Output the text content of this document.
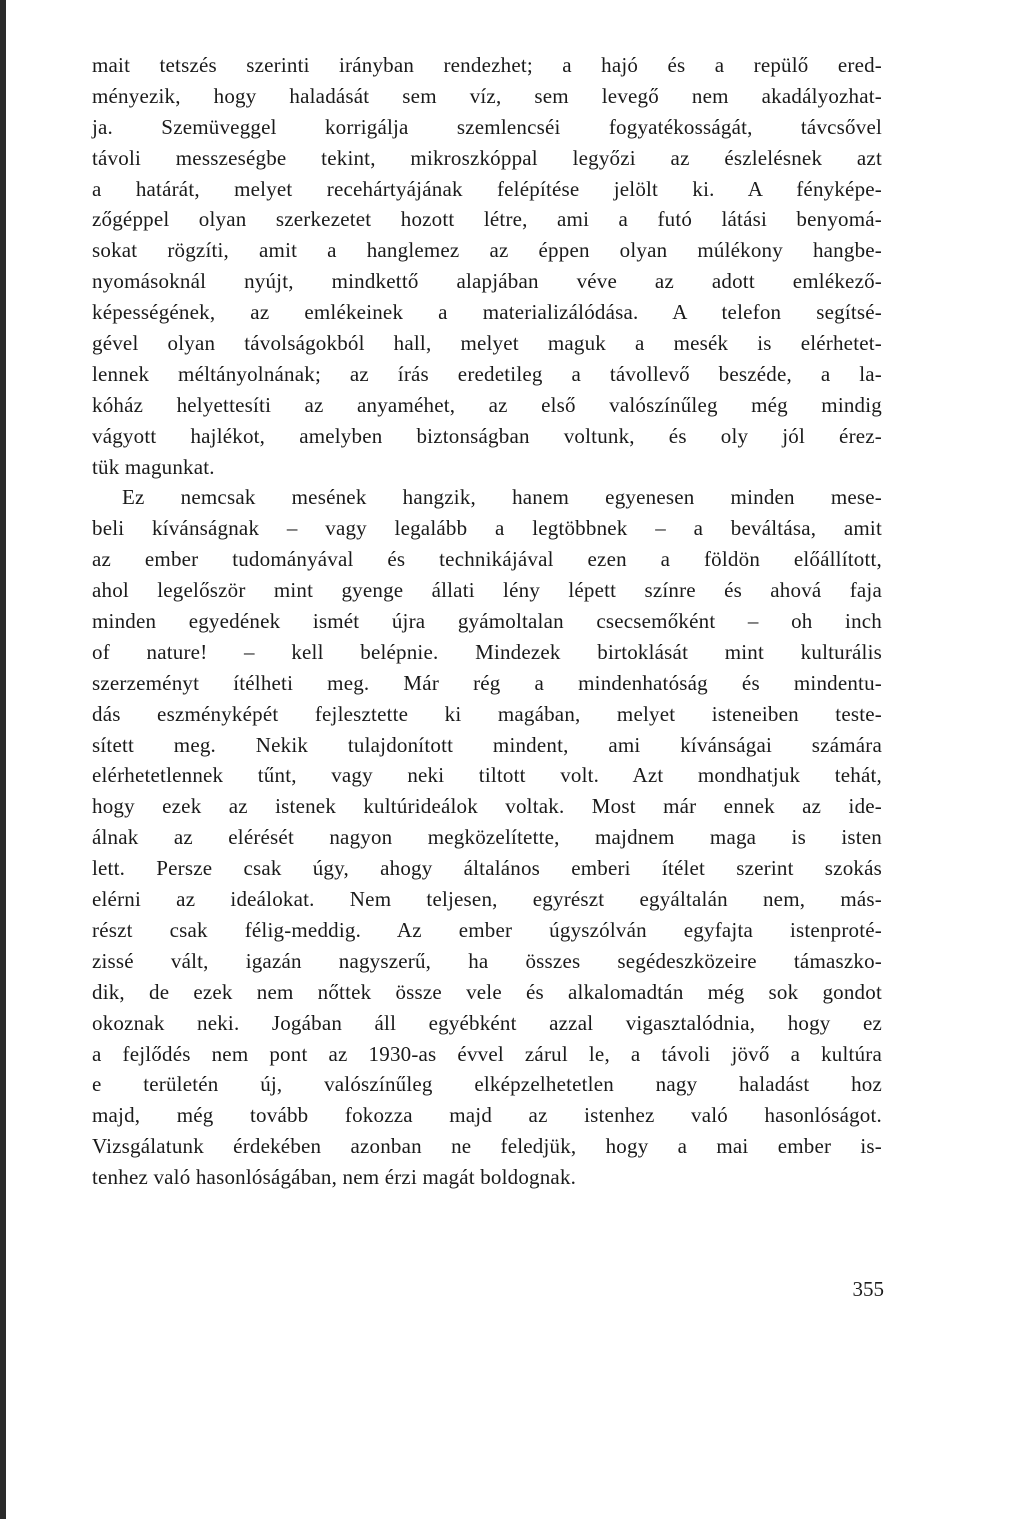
mait tetszés szerinti irányban rendezhet; a hajó és a repülő ered-
ményezik, hogy haladását sem víz, sem levegő nem akadályozhat-
ja. Szemüveggel korrigálja szemlencséi fogyatékosságát, távcsővel
távoli messzeségbe tekint, mikroszkóppal legyőzi az észlelésnek azt
a határát, melyet recehártyájának felépítése jelölt ki. A fényképe-
zőgéppel olyan szerkezetet hozott létre, ami a futó látási benyomá-
sokat rögzíti, amit a hanglemez az éppen olyan múlékony hangbe-
nyomásoknál nyújt, mindkettő alapjában véve az adott emlékező-
képességének, az emlékeinek a materializálódása. A telefon segítsé-
gével olyan távolságokból hall, melyet maguk a mesék is elérhetet-
lennek méltányolnának; az írás eredetileg a távollevő beszéde, a la-
kóház helyettesíti az anyaméhet, az első valószínűleg még mindig
vágyott hajlékot, amelyben biztonságban voltunk, és oly jól érez-
tük magunkat.
Ez nemcsak mesének hangzik, hanem egyenesen minden mese-
beli kívánságnak – vagy legalább a legtöbbnek – a beváltása, amit
az ember tudományával és technikájával ezen a földön előállított,
ahol legelőször mint gyenge állati lény lépett színre és ahová faja
minden egyedének ismét újra gyámoltalan csecsemőként – oh inch
of nature! – kell belépnie. Mindezek birtoklását mint kulturális
szerzeményt ítélheti meg. Már rég a mindenhatóság és mindentu-
dás eszményképét fejlesztette ki magában, melyet isteneiben teste-
sített meg. Nekik tulajdonított mindent, ami kívánságai számára
elérhetetlennek tűnt, vagy neki tiltott volt. Azt mondhatjuk tehát,
hogy ezek az istenek kultúrideálok voltak. Most már ennek az ide-
álnak az elérését nagyon megközelítette, majdnem maga is isten
lett. Persze csak úgy, ahogy általános emberi ítélet szerint szokás
elérni az ideálokat. Nem teljesen, egyrészt egyáltalán nem, más-
részt csak félig-meddig. Az ember úgyszólván egyfajta istenproté-
zissé vált, igazán nagyszerű, ha összes segédeszközeire támaszko-
dik, de ezek nem nőttek össze vele és alkalomadtán még sok gondot
okoznak neki. Jogában áll egyébként azzal vigasztalódnia, hogy ez
a fejlődés nem pont az 1930-as évvel zárul le, a távoli jövő a kultúra
e területén új, valószínűleg elképzelhetetlen nagy haladást hoz
majd, még tovább fokozza majd az istenhez való hasonlóságot.
Vizsgálatunk érdekében azonban ne feledjük, hogy a mai ember is-
tenhez való hasonlóságában, nem érzi magát boldognak.
355
